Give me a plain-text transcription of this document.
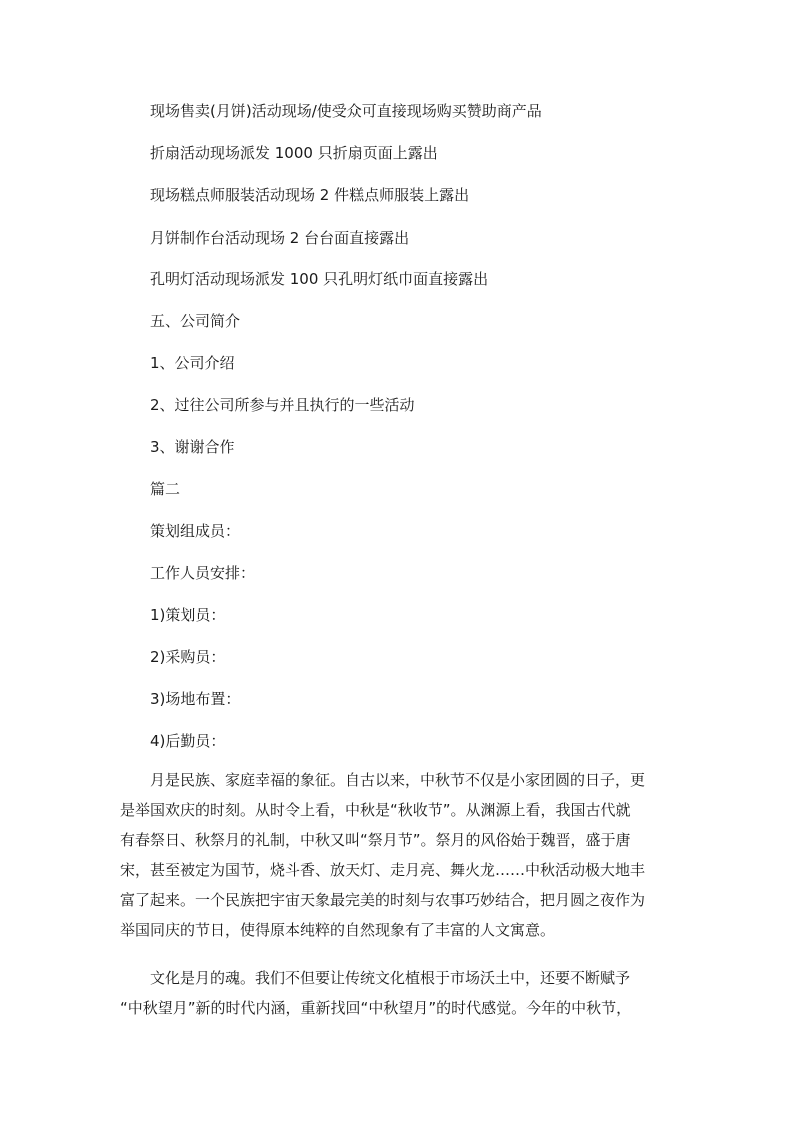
现场售卖(月饼)活动现场/使受众可直接现场购买赞助商产品
折扇活动现场派发 1000 只折扇页面上露出
现场糕点师服装活动现场 2 件糕点师服装上露出
月饼制作台活动现场 2 台台面直接露出
孔明灯活动现场派发 100 只孔明灯纸巾面直接露出
五、公司简介
1、公司介绍
2、过往公司所参与并且执行的一些活动
3、谢谢合作
篇二
策划组成员：
工作人员安排：
1)策划员：
2)采购员：
3)场地布置：
4)后勤员：
月是民族、家庭幸福的象征。自古以来，中秋节不仅是小家团圆的日子，更
是举国欢庆的时刻。从时令上看，中秋是“秋收节”。从渊源上看，我国古代就
有春祭日、秋祭月的礼制，中秋又叫“祭月节”。祭月的风俗始于魏晋，盛于唐
宋，甚至被定为国节，烧斗香、放天灯、走月亮、舞火龙……中秋活动极大地丰
富了起来。一个民族把宇宙天象最完美的时刻与农事巧妙结合，把月圆之夜作为
举国同庆的节日，使得原本纯粹的自然现象有了丰富的人文寓意。
文化是月的魂。我们不但要让传统文化植根于市场沃土中，还要不断赋予
“中秋望月”新的时代内涵，重新找回“中秋望月”的时代感觉。今年的中秋节，
